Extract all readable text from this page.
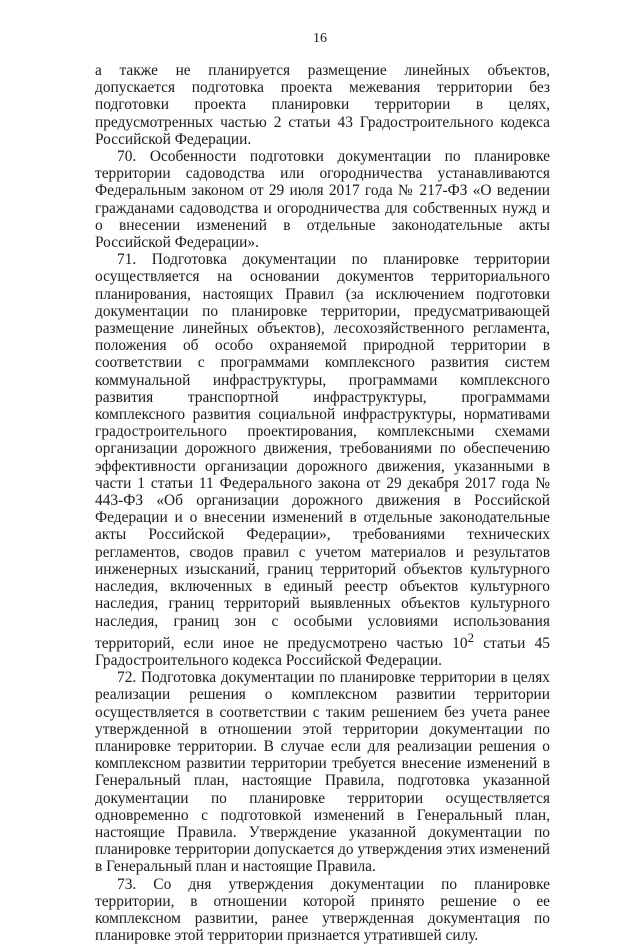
16

а также не планируется размещение линейных объектов, допускается подготовка проекта межевания территории без подготовки проекта планировки территории в целях, предусмотренных частью 2 статьи 43 Градостроительного кодекса Российской Федерации.

70. Особенности подготовки документации по планировке территории садоводства или огородничества устанавливаются Федеральным законом от 29 июля 2017 года № 217-ФЗ «О ведении гражданами садоводства и огородничества для собственных нужд и о внесении изменений в отдельные законодательные акты Российской Федерации».

71. Подготовка документации по планировке территории осуществляется на основании документов территориального планирования, настоящих Правил (за исключением подготовки документации по планировке территории, предусматривающей размещение линейных объектов), лесохозяйственного регламента, положения об особо охраняемой природной территории в соответствии с программами комплексного развития систем коммунальной инфраструктуры, программами комплексного развития транспортной инфраструктуры, программами комплексного развития социальной инфраструктуры, нормативами градостроительного проектирования, комплексными схемами организации дорожного движения, требованиями по обеспечению эффективности организации дорожного движения, указанными в части 1 статьи 11 Федерального закона от 29 декабря 2017 года № 443-ФЗ «Об организации дорожного движения в Российской Федерации и о внесении изменений в отдельные законодательные акты Российской Федерации», требованиями технических регламентов, сводов правил с учетом материалов и результатов инженерных изысканий, границ территорий объектов культурного наследия, включенных в единый реестр объектов культурного наследия, границ территорий выявленных объектов культурного наследия, границ зон с особыми условиями использования территорий, если иное не предусмотрено частью $10^2$ статьи 45 Градостроительного кодекса Российской Федерации.

72. Подготовка документации по планировке территории в целях реализации решения о комплексном развитии территории осуществляется в соответствии с таким решением без учета ранее утвержденной в отношении этой территории документации по планировке территории. В случае если для реализации решения о комплексном развитии территории требуется внесение изменений в Генеральный план, настоящие Правила, подготовка указанной документации по планировке территории осуществляется одновременно с подготовкой изменений в Генеральный план, настоящие Правила. Утверждение указанной документации по планировке территории допускается до утверждения этих изменений в Генеральный план и настоящие Правила.

73. Со дня утверждения документации по планировке территории, в отношении которой принято решение о ее комплексном развитии, ранее утвержденная документация по планировке этой территории признается утратившей силу.
